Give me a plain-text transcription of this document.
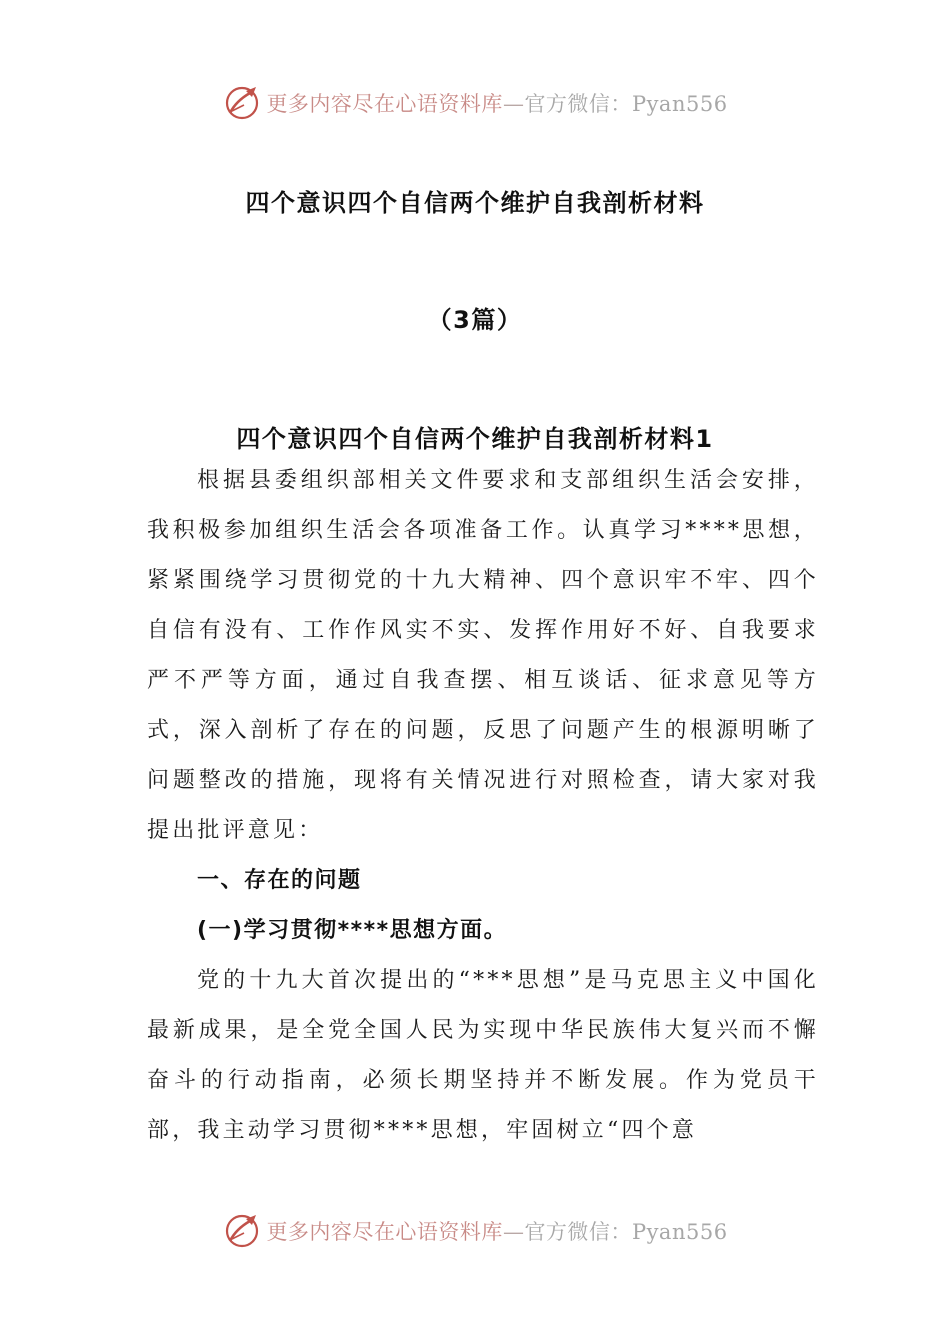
更多内容尽在心语资料库—官方微信：Pyan556
四个意识四个自信两个维护自我剖析材料
（3篇）
四个意识四个自信两个维护自我剖析材料1

根据县委组织部相关文件要求和支部组织生活会安排，我积极参加组织生活会各项准备工作。认真学习****思想，紧紧围绕学习贯彻党的十九大精神、四个意识牢不牢、四个自信有没有、工作作风实不实、发挥作用好不好、自我要求严不严等方面，通过自我查摆、相互谈话、征求意见等方式，深入剖析了存在的问题，反思了问题产生的根源明晰了问题整改的措施，现将有关情况进行对照检查，请大家对我提出批评意见：

一、存在的问题

(一)学习贯彻****思想方面。

党的十九大首次提出的“***思想”是马克思主义中国化最新成果，是全党全国人民为实现中华民族伟大复兴而不懈奋斗的行动指南，必须长期坚持并不断发展。作为党员干部，我主动学习贯彻****思想，牢固树立“四个意

更多内容尽在心语资料库—官方微信：Pyan556
